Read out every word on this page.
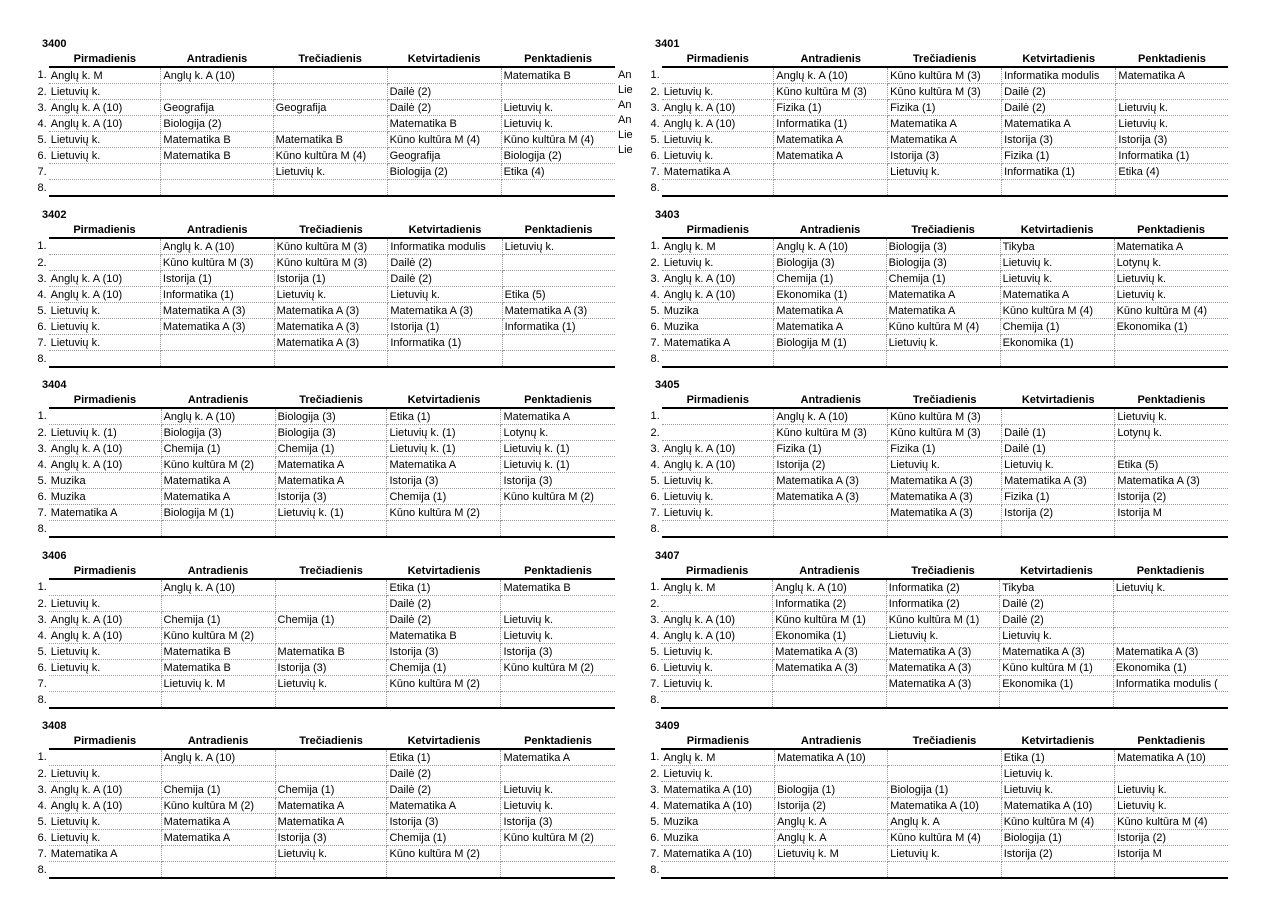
3400
	Pirmadienis	Antradienis	Trečiadienis	Ketvirtadienis	Penktadienis
1.	Anglų k. M	Anglų k. A (10)			Matematika B
2.	Lietuvių k.			Dailė (2)	
3.	Anglų k. A (10)	Geografija	Geografija	Dailė (2)	Lietuvių k.
4.	Anglų k. A (10)	Biologija (2)		Matematika B	Lietuvių k.
5.	Lietuvių k.	Matematika B	Matematika B	Kūno kultūra M (4)	Kūno kultūra M (4)
6.	Lietuvių k.	Matematika B	Kūno kultūra M (4)	Geografija	Biologija (2)
7.			Lietuvių k.	Biologija (2)	Etika (4)
8.					
3401
	Pirmadienis	Antradienis	Trečiadienis	Ketvirtadienis	Penktadienis
1.		Anglų k. A (10)	Kūno kultūra M (3)	Informatika modulis	Matematika A
2.	Lietuvių k.	Kūno kultūra M (3)	Kūno kultūra M (3)	Dailė (2)	
3.	Anglų k. A (10)	Fizika (1)	Fizika (1)	Dailė (2)	Lietuvių k.
4.	Anglų k. A (10)	Informatika (1)	Matematika A	Matematika A	Lietuvių k.
5.	Lietuvių k.	Matematika A	Matematika A	Istorija (3)	Istorija (3)
6.	Lietuvių k.	Matematika A	Istorija (3)	Fizika (1)	Informatika (1)
7.	Matematika A		Lietuvių k.	Informatika (1)	Etika (4)
8.					
3402
	Pirmadienis	Antradienis	Trečiadienis	Ketvirtadienis	Penktadienis
1.		Anglų k. A (10)	Kūno kultūra M (3)	Informatika modulis	Lietuvių k.
2.		Kūno kultūra M (3)	Kūno kultūra M (3)	Dailė (2)	
3.	Anglų k. A (10)	Istorija (1)	Istorija (1)	Dailė (2)	
4.	Anglų k. A (10)	Informatika (1)	Lietuvių k.	Lietuvių k.	Etika (5)
5.	Lietuvių k.	Matematika A (3)	Matematika A (3)	Matematika A (3)	Matematika A (3)
6.	Lietuvių k.	Matematika A (3)	Matematika A (3)	Istorija (1)	Informatika (1)
7.	Lietuvių k.		Matematika A (3)	Informatika (1)	
8.					
3403
	Pirmadienis	Antradienis	Trečiadienis	Ketvirtadienis	Penktadienis
1.	Anglų k. M	Anglų k. A (10)	Biologija (3)	Tikyba	Matematika A
2.	Lietuvių k.	Biologija (3)	Biologija (3)	Lietuvių k.	Lotynų k.
3.	Anglų k. A (10)	Chemija (1)	Chemija (1)	Lietuvių k.	Lietuvių k.
4.	Anglų k. A (10)	Ekonomika (1)	Matematika A	Matematika A	Lietuvių k.
5.	Muzika	Matematika A	Matematika A	Kūno kultūra M (4)	Kūno kultūra M (4)
6.	Muzika	Matematika A	Kūno kultūra M (4)	Chemija (1)	Ekonomika (1)
7.	Matematika A	Biologija M (1)	Lietuvių k.	Ekonomika (1)	
8.					
3404
	Pirmadienis	Antradienis	Trečiadienis	Ketvirtadienis	Penktadienis
1.		Anglų k. A (10)	Biologija (3)	Etika (1)	Matematika A
2.	Lietuvių k. (1)	Biologija (3)	Biologija (3)	Lietuvių k. (1)	Lotynų k.
3.	Anglų k. A (10)	Chemija (1)	Chemija (1)	Lietuvių k. (1)	Lietuvių k. (1)
4.	Anglų k. A (10)	Kūno kultūra M (2)	Matematika A	Matematika A	Lietuvių k. (1)
5.	Muzika	Matematika A	Matematika A	Istorija (3)	Istorija (3)
6.	Muzika	Matematika A	Istorija (3)	Chemija (1)	Kūno kultūra M (2)
7.	Matematika A	Biologija M (1)	Lietuvių k. (1)	Kūno kultūra M (2)	
8.					
3405
	Pirmadienis	Antradienis	Trečiadienis	Ketvirtadienis	Penktadienis
1.		Anglų k. A (10)	Kūno kultūra M (3)		Lietuvių k.
2.		Kūno kultūra M (3)	Kūno kultūra M (3)	Dailė (1)	Lotynų k.
3.	Anglų k. A (10)	Fizika (1)	Fizika (1)	Dailė (1)	
4.	Anglų k. A (10)	Istorija (2)	Lietuvių k.	Lietuvių k.	Etika (5)
5.	Lietuvių k.	Matematika A (3)	Matematika A (3)	Matematika A (3)	Matematika A (3)
6.	Lietuvių k.	Matematika A (3)	Matematika A (3)	Fizika (1)	Istorija (2)
7.	Lietuvių k.		Matematika A (3)	Istorija (2)	Istorija M
8.					
3406
	Pirmadienis	Antradienis	Trečiadienis	Ketvirtadienis	Penktadienis
1.		Anglų k. A (10)		Etika (1)	Matematika B
2.	Lietuvių k.			Dailė (2)	
3.	Anglų k. A (10)	Chemija (1)	Chemija (1)	Dailė (2)	Lietuvių k.
4.	Anglų k. A (10)	Kūno kultūra M (2)		Matematika B	Lietuvių k.
5.	Lietuvių k.	Matematika B	Matematika B	Istorija (3)	Istorija (3)
6.	Lietuvių k.	Matematika B	Istorija (3)	Chemija (1)	Kūno kultūra M (2)
7.		Lietuvių k. M	Lietuvių k.	Kūno kultūra M (2)	
8.					
3407
	Pirmadienis	Antradienis	Trečiadienis	Ketvirtadienis	Penktadienis
1.	Anglų k. M	Anglų k. A (10)	Informatika (2)	Tikyba	Lietuvių k.
2.		Informatika (2)	Informatika (2)	Dailė (2)	
3.	Anglų k. A (10)	Kūno kultūra M (1)	Kūno kultūra M (1)	Dailė (2)	
4.	Anglų k. A (10)	Ekonomika (1)	Lietuvių k.	Lietuvių k.	
5.	Lietuvių k.	Matematika A (3)	Matematika A (3)	Matematika A (3)	Matematika A (3)
6.	Lietuvių k.	Matematika A (3)	Matematika A (3)	Kūno kultūra M (1)	Ekonomika (1)
7.	Lietuvių k.		Matematika A (3)	Ekonomika (1)	Informatika modulis (
8.					
3408
	Pirmadienis	Antradienis	Trečiadienis	Ketvirtadienis	Penktadienis
1.		Anglų k. A (10)		Etika (1)	Matematika A
2.	Lietuvių k.			Dailė (2)	
3.	Anglų k. A (10)	Chemija (1)	Chemija (1)	Dailė (2)	Lietuvių k.
4.	Anglų k. A (10)	Kūno kultūra M (2)	Matematika A	Matematika A	Lietuvių k.
5.	Lietuvių k.	Matematika A	Matematika A	Istorija (3)	Istorija (3)
6.	Lietuvių k.	Matematika A	Istorija (3)	Chemija (1)	Kūno kultūra M (2)
7.	Matematika A		Lietuvių k.	Kūno kultūra M (2)	
8.					
3409
	Pirmadienis	Antradienis	Trečiadienis	Ketvirtadienis	Penktadienis
1.	Anglų k. M	Matematika A (10)		Etika (1)	Matematika A (10)
2.	Lietuvių k.			Lietuvių k.	
3.	Matematika A (10)	Biologija (1)	Biologija (1)	Lietuvių k.	Lietuvių k.
4.	Matematika A (10)	Istorija (2)	Matematika A (10)	Matematika A (10)	Lietuvių k.
5.	Muzika	Anglų k. A	Anglų k. A	Kūno kultūra M (4)	Kūno kultūra M (4)
6.	Muzika	Anglų k. A	Kūno kultūra M (4)	Biologija (1)	Istorija (2)
7.	Matematika A (10)	Lietuvių k. M	Lietuvių k.	Istorija (2)	Istorija M
8.					
An
Lie
An
An
Lie
Lie
